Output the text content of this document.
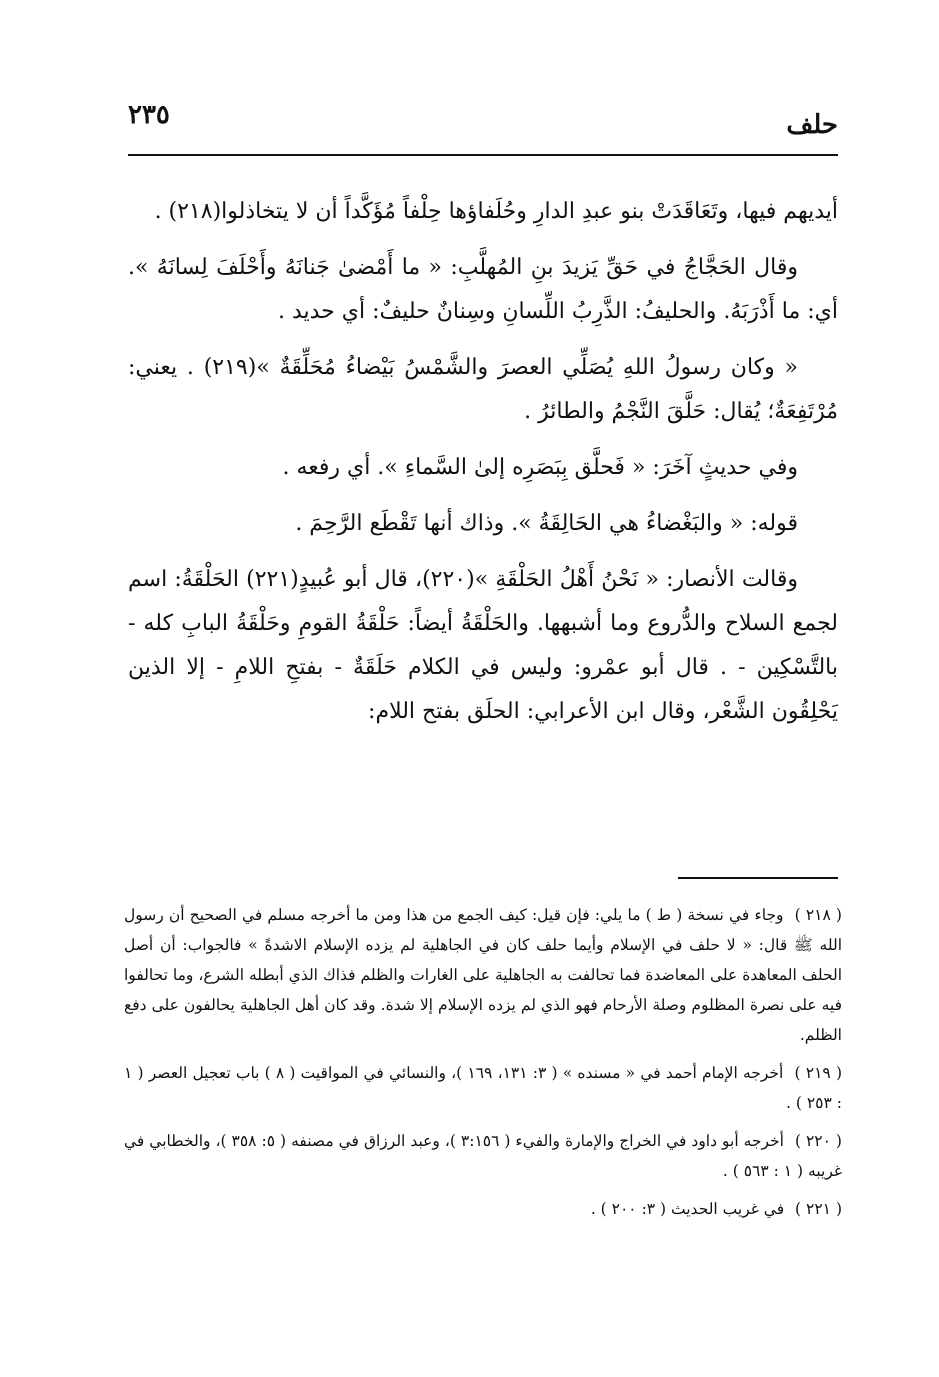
٢٣٥	حلف

أيديهم فيها، وتَعَاقَدَتْ بنو عبدِ الدارِ وحُلَفاؤها حِلْفاً مُؤَكَّداً أن لا يتخاذلوا(٢١٨) .

وقال الحَجَّاجُ في حَقِّ يَزيدَ بنِ المُهلَّبِ: « ما أَمْضىٰ جَنانَهُ وأَحْلَفَ لِسانَهُ ». أي: ما أَذْرَبَهُ. والحليفُ: الذَّرِبُ اللِّسانِ وسِنانٌ حليفٌ: أي حديد .

« وكان رسولُ اللهِ يُصَلِّي العصرَ والشَّمْسُ بَيْضاءُ مُحَلِّقَةٌ »(٢١٩) . يعني: مُرْتَفِعَةٌ؛ يُقال: حَلَّقَ النَّجْمُ والطائرُ .

وفي حديثٍ آخَرَ: « فَحلَّق بِبَصَرِه إلىٰ السَّماءِ ». أي رفعه .

قوله: « والبَغْضاءُ هي الحَالِقَةُ ». وذاك أنها تَقْطَع الرَّحِمَ .

وقالت الأنصار: « نَحْنُ أَهْلُ الحَلْقَةِ »(٢٢٠)، قال أبو عُبيدٍ(٢٢١) الحَلْقَةُ: اسم لجمع السلاح والدُّروع وما أشبهها. والحَلْقَةُ أيضاً: حَلْقَةُ القومِ وحَلْقَةُ البابِ كله - بالتَّسْكِين - . قال أبو عمْرو: وليس في الكلام حَلَقَةٌ - بفتحِ اللامِ - إلا الذين يَحْلِقُون الشَّعْر، وقال ابن الأعرابي: الحلَق بفتح اللام:

( ٢١٨ ) وجاء في نسخة ( ط ) ما يلي: فإن قيل: كيف الجمع من هذا ومن ما أخرجه مسلم في الصحيح أن رسول الله ﷺ قال: « لا حلف في الإسلام وأيما حلف كان في الجاهلية لم يزده الإسلام الاشدةً » فالجواب: أن أصل الحلف المعاهدة على المعاضدة فما تحالفت به الجاهلية على الغارات والظلم فذاك الذي أبطله الشرع، وما تحالفوا فيه على نصرة المظلوم وصلة الأرحام فهو الذي لم يزده الإسلام إلا شدة. وقد كان أهل الجاهلية يحالفون على دفع الظلم.

( ٢١٩ ) أخرجه الإمام أحمد في « مسنده » ( ٣: ١٣١، ١٦٩ )، والنسائي في المواقيت ( ٨ ) باب تعجيل العصر ( ١ : ٢٥٣ ) .

( ٢٢٠ ) أخرجه أبو داود في الخراج والإمارة والفيء ( ٣:١٥٦ )، وعبد الرزاق في مصنفه ( ٥: ٣٥٨ )، والخطابي في غريبه ( ١ : ٥٦٣ ) .

( ٢٢١ ) في غريب الحديث ( ٣: ٢٠٠ ) .
